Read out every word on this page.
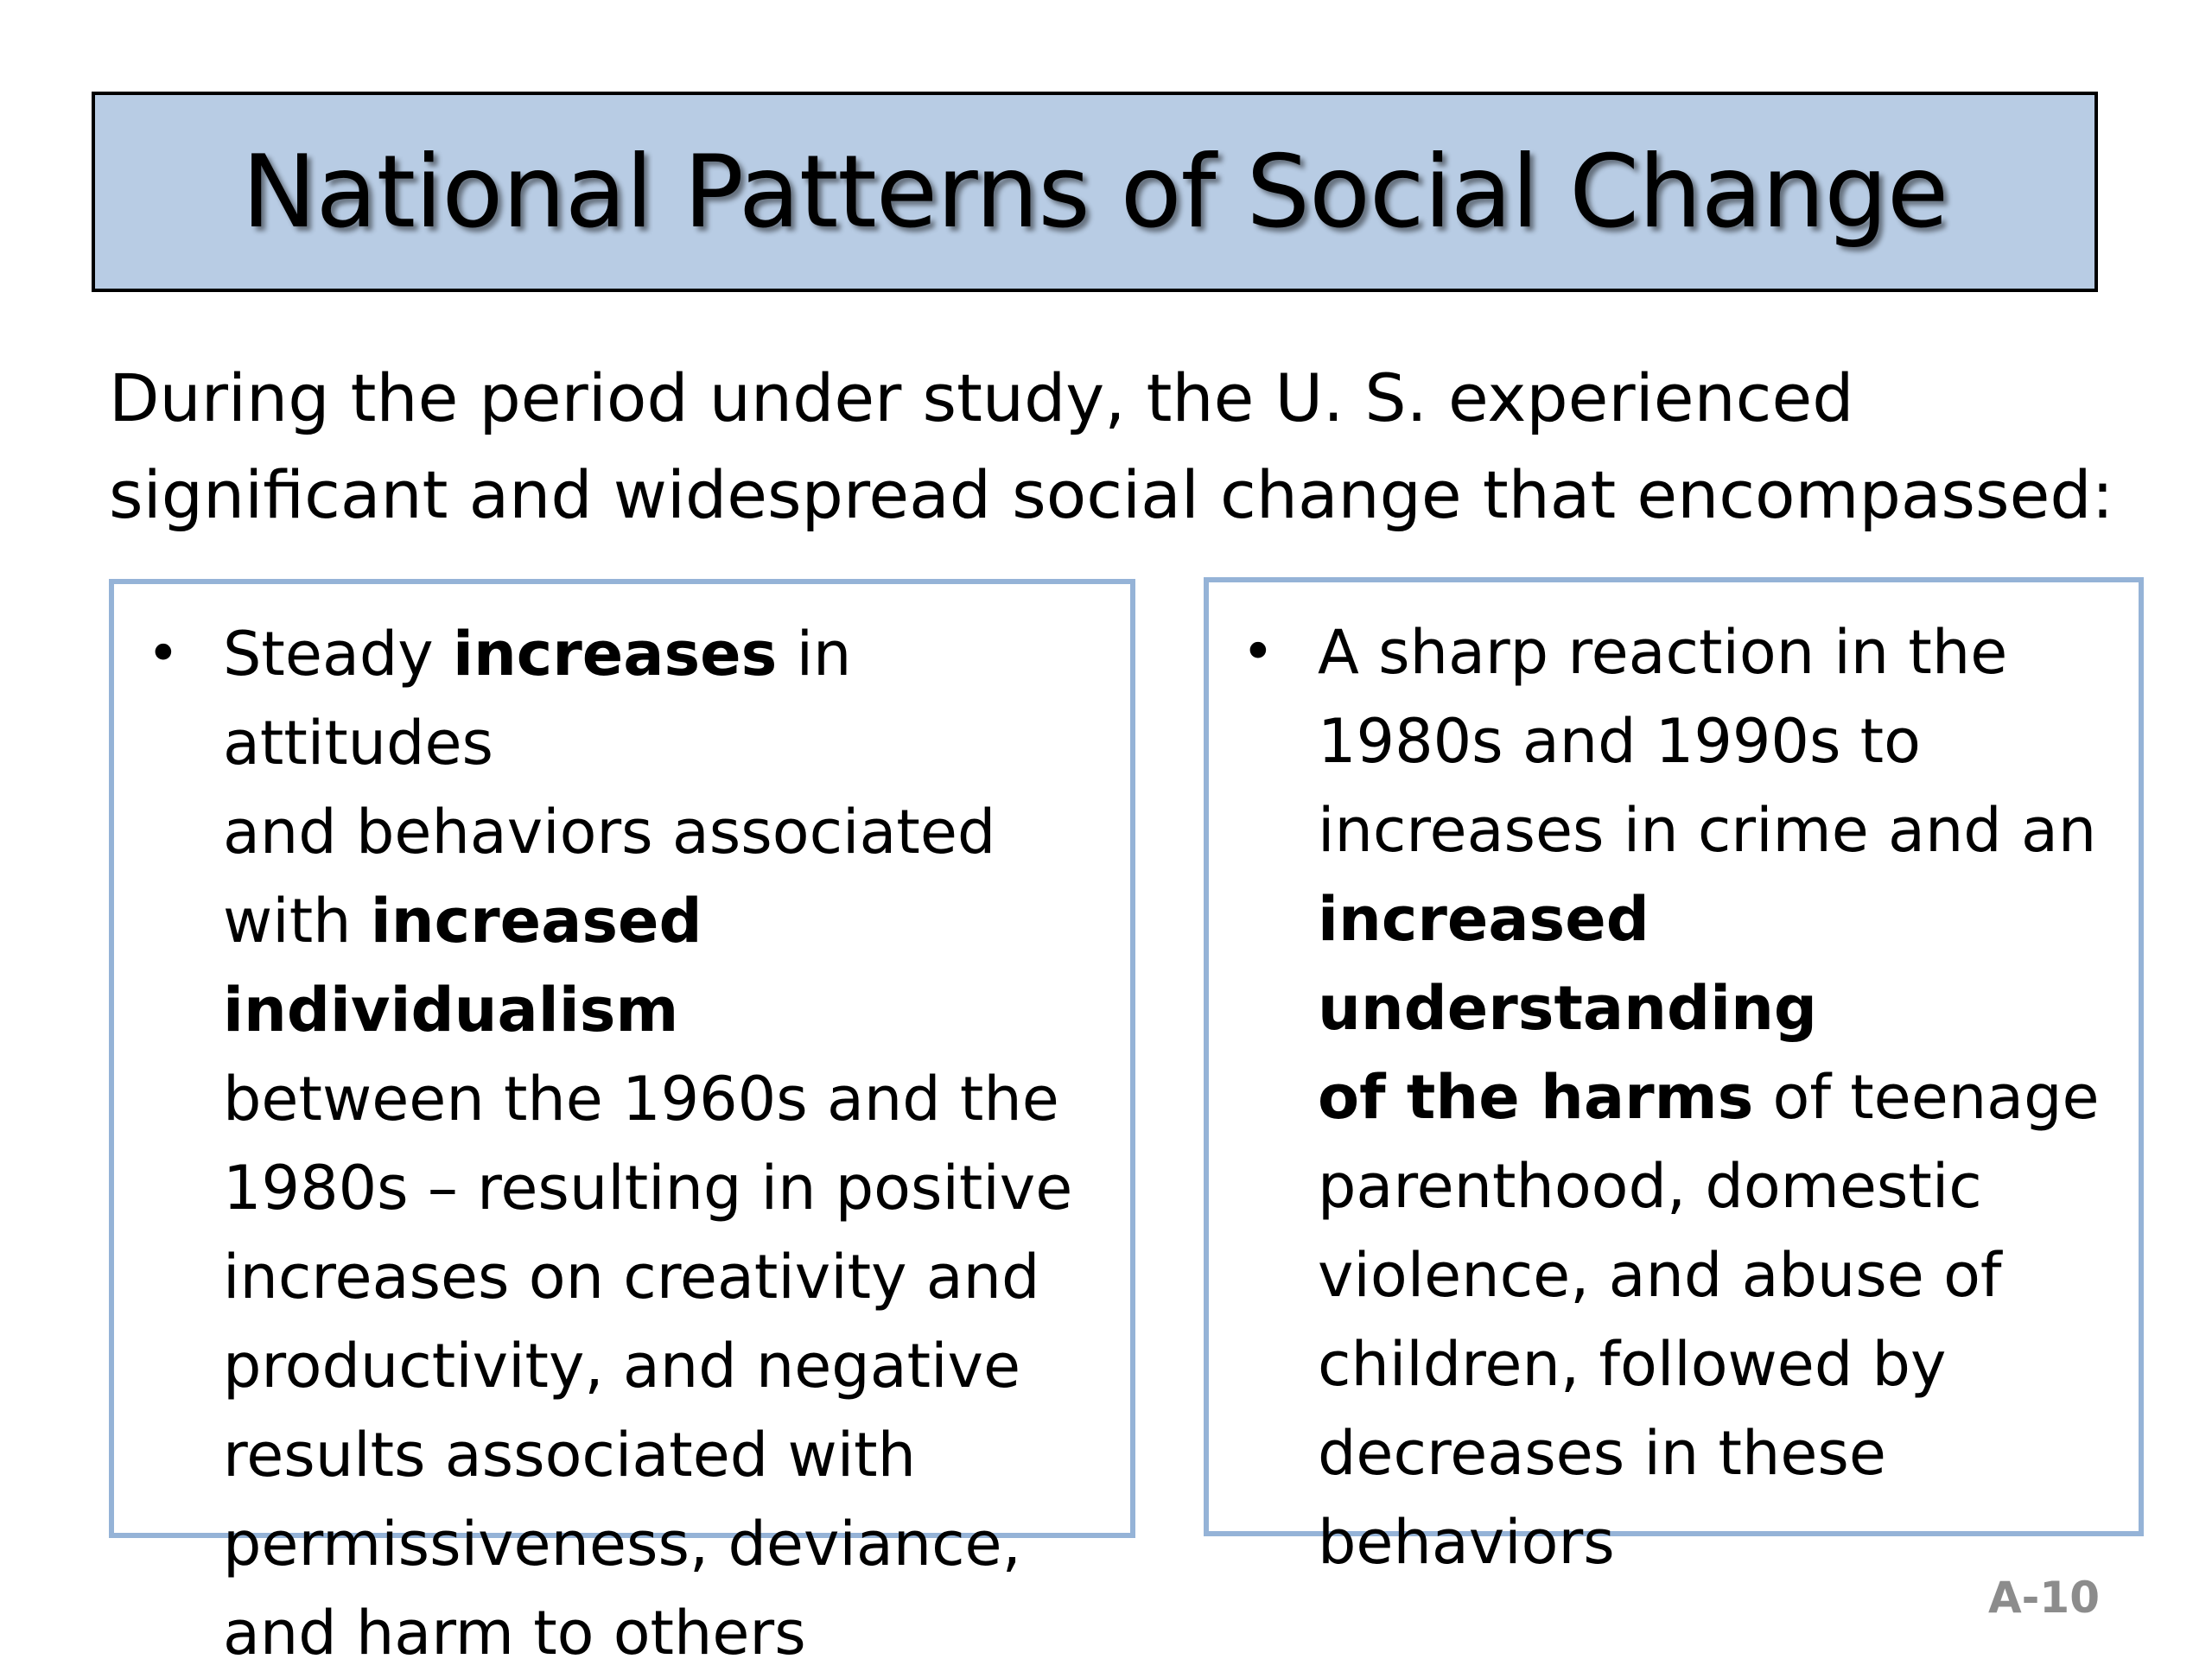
National Patterns of Social Change

During the period under study, the U. S. experienced
significant and widespread social change that encompassed:

• Steady increases in attitudes
and behaviors associated
with increased individualism
between the 1960s and the
1980s – resulting in positive
increases on creativity and
productivity, and negative
results associated with
permissiveness, deviance,
and harm to others

• A sharp reaction in the
1980s and 1990s to
increases in crime and an
increased understanding
of the harms of teenage
parenthood, domestic
violence, and abuse of
children, followed by
decreases in these
behaviors

A-10
